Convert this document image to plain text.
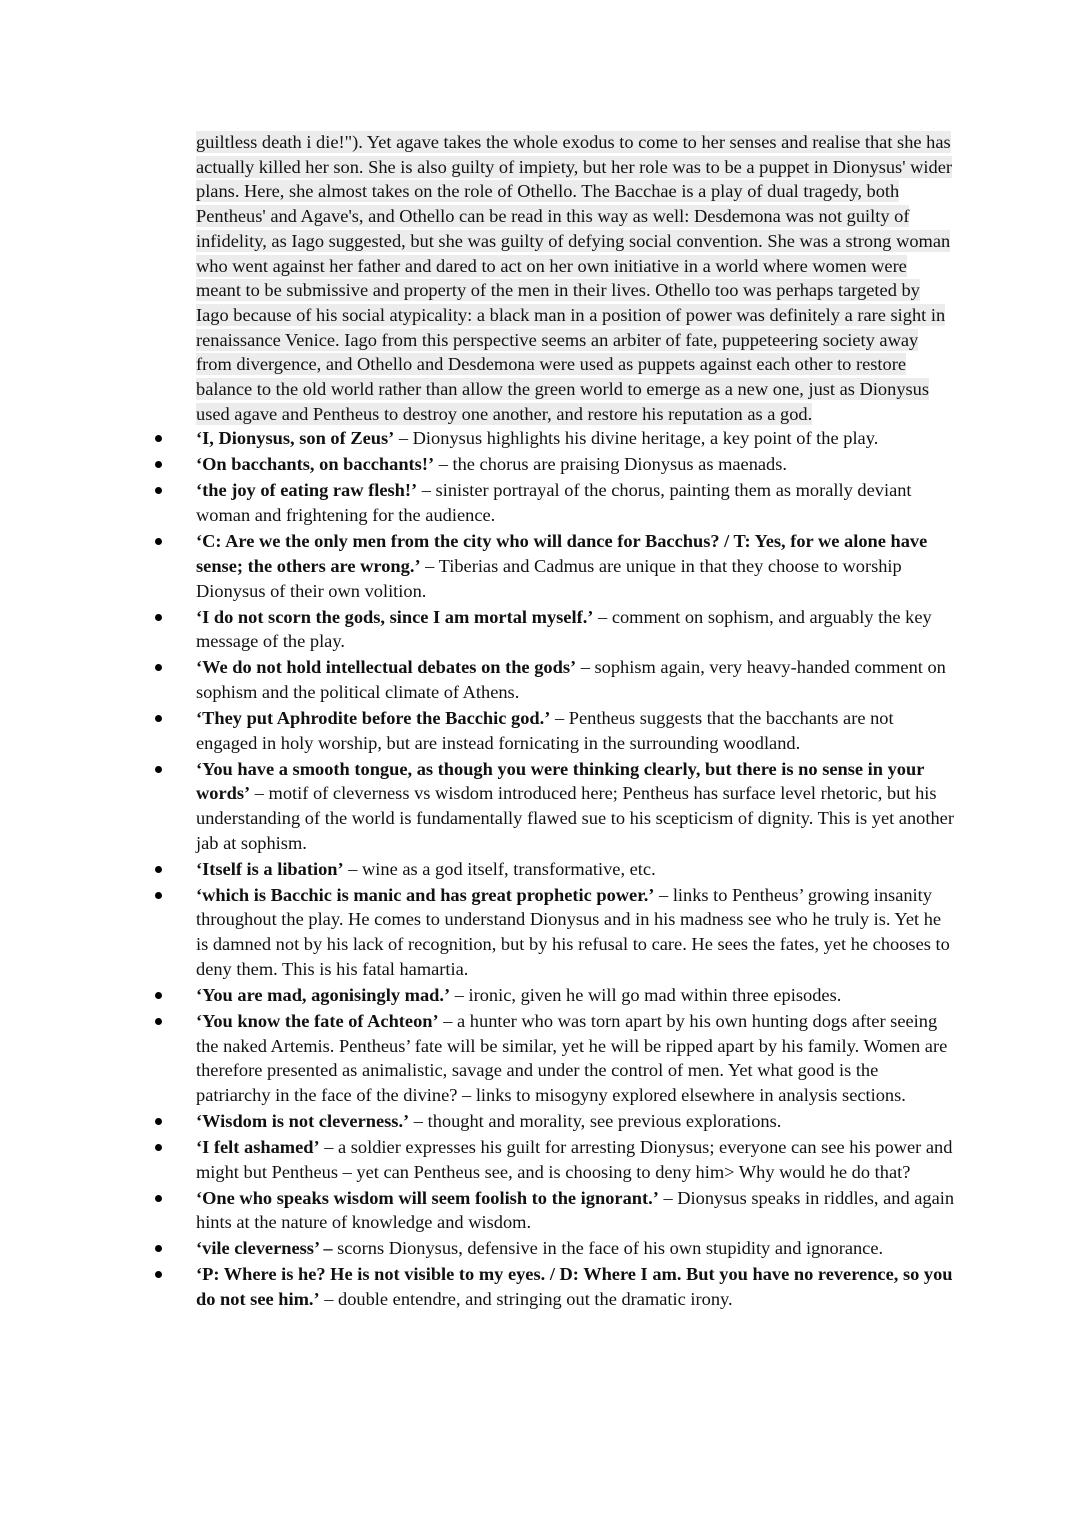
guiltless death i die!"). Yet agave takes the whole exodus to come to her senses and realise that she has actually killed her son. She is also guilty of impiety, but her role was to be a puppet in Dionysus' wider plans. Here, she almost takes on the role of Othello. The Bacchae is a play of dual tragedy, both Pentheus' and Agave's, and Othello can be read in this way as well: Desdemona was not guilty of infidelity, as Iago suggested, but she was guilty of defying social convention. She was a strong woman who went against her father and dared to act on her own initiative in a world where women were meant to be submissive and property of the men in their lives. Othello too was perhaps targeted by Iago because of his social atypicality: a black man in a position of power was definitely a rare sight in renaissance Venice. Iago from this perspective seems an arbiter of fate, puppeteering society away from divergence, and Othello and Desdemona were used as puppets against each other to restore balance to the old world rather than allow the green world to emerge as a new one, just as Dionysus used agave and Pentheus to destroy one another, and restore his reputation as a god.

‘I, Dionysus, son of Zeus’ – Dionysus highlights his divine heritage, a key point of the play.
‘On bacchants, on bacchants!’ – the chorus are praising Dionysus as maenads.
‘the joy of eating raw flesh!’ – sinister portrayal of the chorus, painting them as morally deviant woman and frightening for the audience.
‘C: Are we the only men from the city who will dance for Bacchus? / T: Yes, for we alone have sense; the others are wrong.’ – Tiberias and Cadmus are unique in that they choose to worship Dionysus of their own volition.
‘I do not scorn the gods, since I am mortal myself.’ – comment on sophism, and arguably the key message of the play.
‘We do not hold intellectual debates on the gods’ – sophism again, very heavy-handed comment on sophism and the political climate of Athens.
‘They put Aphrodite before the Bacchic god.’ – Pentheus suggests that the bacchants are not engaged in holy worship, but are instead fornicating in the surrounding woodland.
‘You have a smooth tongue, as though you were thinking clearly, but there is no sense in your words’ – motif of cleverness vs wisdom introduced here; Pentheus has surface level rhetoric, but his understanding of the world is fundamentally flawed sue to his scepticism of dignity. This is yet another jab at sophism.
‘Itself is a libation’ – wine as a god itself, transformative, etc.
‘which is Bacchic is manic and has great prophetic power.’ – links to Pentheus’ growing insanity throughout the play. He comes to understand Dionysus and in his madness see who he truly is. Yet he is damned not by his lack of recognition, but by his refusal to care. He sees the fates, yet he chooses to deny them. This is his fatal hamartia.
‘You are mad, agonisingly mad.’ – ironic, given he will go mad within three episodes.
‘You know the fate of Achteon’ – a hunter who was torn apart by his own hunting dogs after seeing the naked Artemis. Pentheus’ fate will be similar, yet he will be ripped apart by his family. Women are therefore presented as animalistic, savage and under the control of men. Yet what good is the patriarchy in the face of the divine? – links to misogyny explored elsewhere in analysis sections.
‘Wisdom is not cleverness.’ – thought and morality, see previous explorations.
‘I felt ashamed’ – a soldier expresses his guilt for arresting Dionysus; everyone can see his power and might but Pentheus – yet can Pentheus see, and is choosing to deny him> Why would he do that?
‘One who speaks wisdom will seem foolish to the ignorant.’ – Dionysus speaks in riddles, and again hints at the nature of knowledge and wisdom.
‘vile cleverness’ – scorns Dionysus, defensive in the face of his own stupidity and ignorance.
‘P: Where is he? He is not visible to my eyes. / D: Where I am. But you have no reverence, so you do not see him.’ – double entendre, and stringing out the dramatic irony.
